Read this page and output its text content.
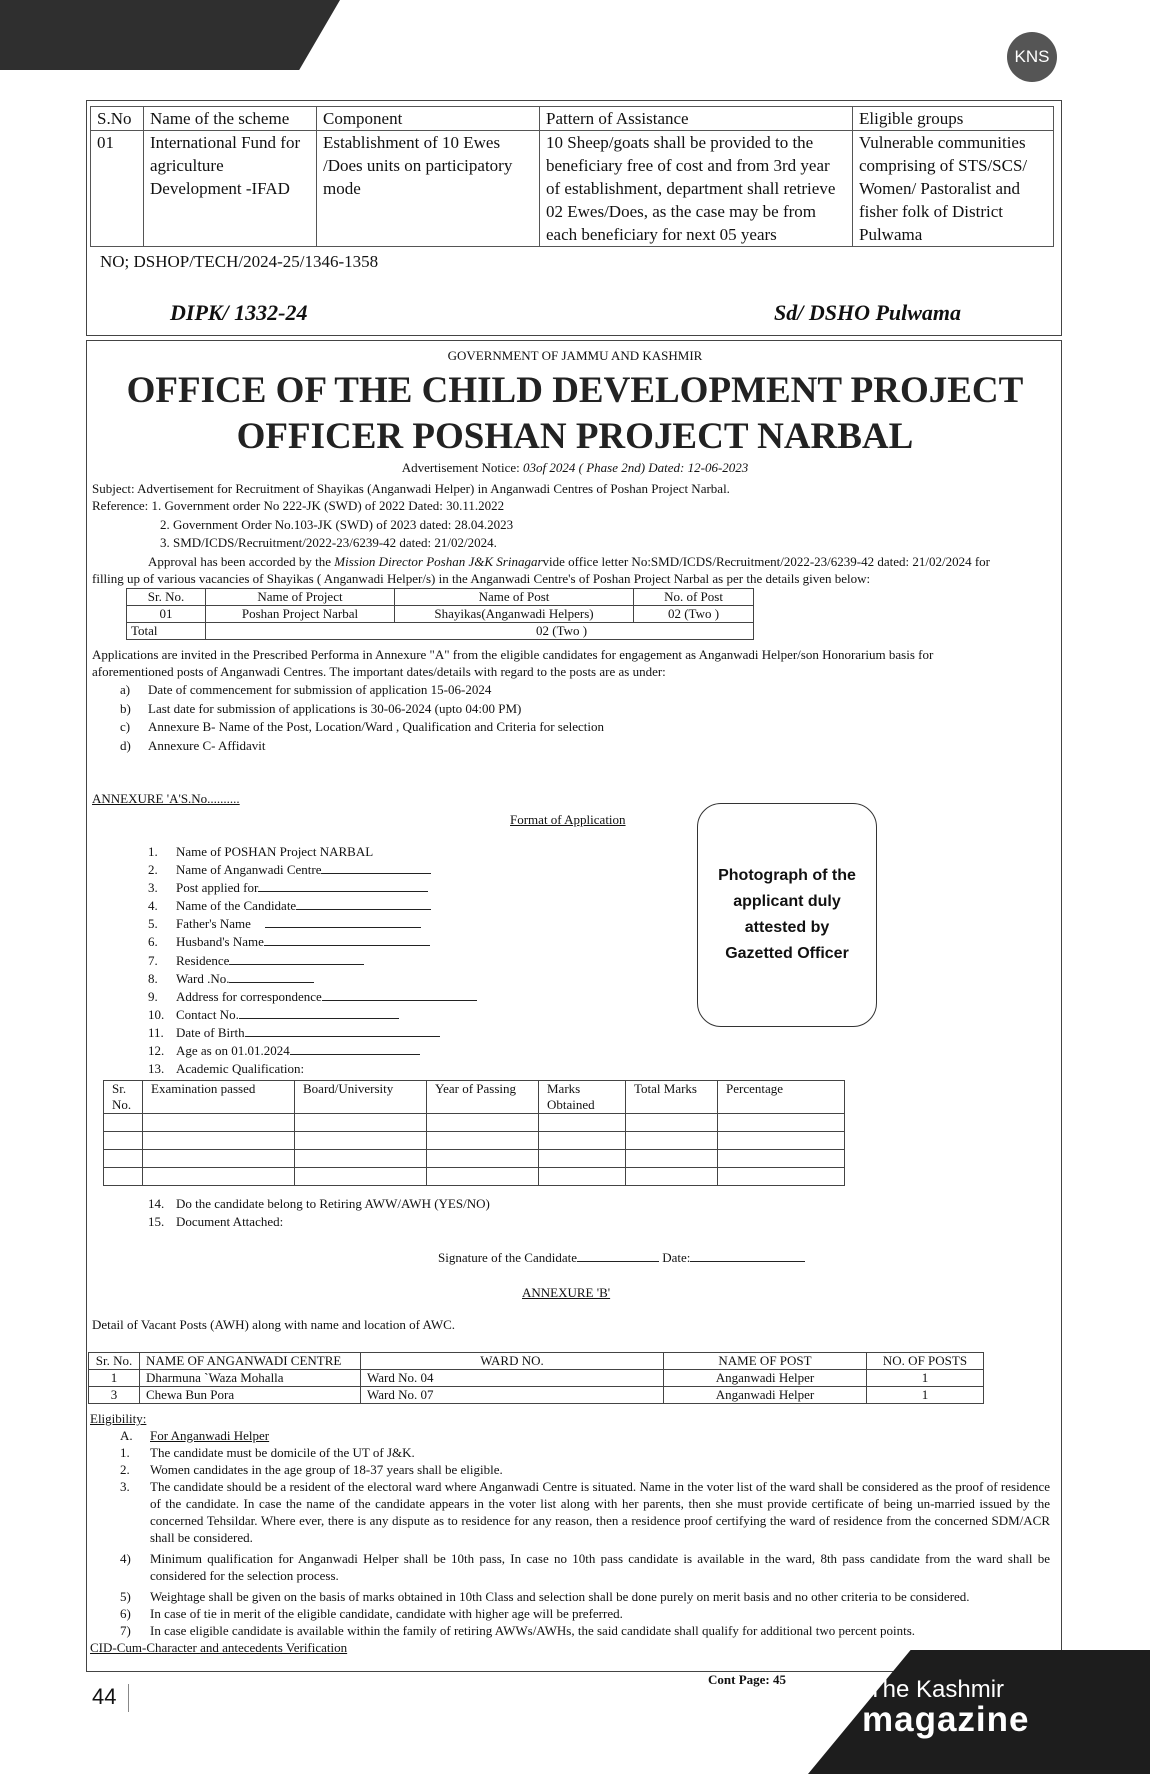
KNS
S.No	Name of the scheme	Component	Pattern of Assistance	Eligible groups
01	International Fund for agriculture Development -IFAD	Establishment of 10 Ewes /Does units on participatory mode	10 Sheep/goats shall be provided to the beneficiary free of cost and from 3rd year of establishment, department shall retrieve 02 Ewes/Does, as the case may be from each beneficiary for next 05 years	Vulnerable communities comprising of STS/SCS/ Women/ Pastoralist and fisher folk of District Pulwama
NO; DSHOP/TECH/2024-25/1346-1358
DIPK/ 1332-24	Sd/ DSHO Pulwama
GOVERNMENT OF JAMMU AND KASHMIR
OFFICE OF THE CHILD DEVELOPMENT PROJECT
OFFICER POSHAN PROJECT NARBAL
Advertisement Notice: 03of 2024 ( Phase 2nd) Dated: 12-06-2023
Subject: Advertisement for Recruitment of Shayikas (Anganwadi Helper) in Anganwadi Centres of Poshan Project Narbal.
Reference: 1. Government order No 222-JK (SWD) of 2022 Dated: 30.11.2022
2. Government Order No.103-JK (SWD) of 2023 dated: 28.04.2023
3. SMD/ICDS/Recruitment/2022-23/6239-42 dated: 21/02/2024.
Approval has been accorded by the Mission Director Poshan J&K Srinagarvide office letter No:SMD/ICDS/Recruitment/2022-23/6239-42 dated: 21/02/2024 for
filling up of various vacancies of Shayikas ( Anganwadi Helper/s) in the Anganwadi Centre's of Poshan Project Narbal as per the details given below:
Sr. No.	Name of Project	Name of Post	No. of Post
01	Poshan Project Narbal	Shayikas(Anganwadi Helpers)	02 (Two )
Total	02 (Two )		
Applications are invited in the Prescribed Performa in Annexure "A" from the eligible candidates for engagement as Anganwadi Helper/son Honorarium basis for
aforementioned posts of Anganwadi Centres. The important dates/details with regard to the posts are as under:
a)	Date of commencement for submission of application 15-06-2024
b)	Last date for submission of applications is 30-06-2024 (upto 04:00 PM)
c)	Annexure B- Name of the Post, Location/Ward , Qualification and Criteria for selection
d)	Annexure C- Affidavit
ANNEXURE 'A'S.No..........
Format of Application
Photograph of the applicant duly attested by Gazetted Officer
1.	Name of POSHAN Project NARBAL
2.	Name of Anganwadi Centre
3.	Post applied for
4.	Name of the Candidate
5.	Father's Name
6.	Husband's Name
7.	Residence
8.	Ward .No.
9.	Address for correspondence
10. Contact No.
11. Date of Birth
12. Age as on 01.01.2024
13. Academic Qualification:
Sr. No.	Examination passed	Board/University	Year of Passing	Marks Obtained	Total Marks	Percentage

14. Do the candidate belong to Retiring AWW/AWH (YES/NO)
15. Document Attached:
Signature of the Candidate	Date:
ANNEXURE 'B'
Detail of Vacant Posts (AWH) along with name and location of AWC.
Sr. No.	NAME OF ANGANWADI CENTRE	WARD NO.	NAME OF POST	NO. OF POSTS
1	Dharmuna `Waza Mohalla	Ward No. 04	Anganwadi Helper	1
3	Chewa Bun Pora	Ward No. 07	Anganwadi Helper	1
Eligibility:
A.	For Anganwadi Helper
1.	The candidate must be domicile of the UT of J&K.
2.	Women candidates in the age group of 18-37 years shall be eligible.
3.	The candidate should be a resident of the electoral ward where Anganwadi Centre is situated. Name in the voter list of the ward shall be considered as the proof of residence of the candidate. In case the name of the candidate appears in the voter list along with her parents, then she must provide certificate of being un-married issued by the concerned Tehsildar. Where ever, there is any dispute as to residence for any reason, then a residence proof certifying the ward of residence from the concerned SDM/ACR shall be considered.
4)	Minimum qualification for Anganwadi Helper shall be 10th pass, In case no 10th pass candidate is available in the ward, 8th pass candidate from the ward shall be considered for the selection process.
5)	Weightage shall be given on the basis of marks obtained in 10th Class and selection shall be done purely on merit basis and no other criteria to be considered.
6)	In case of tie in merit of the eligible candidate, candidate with higher age will be preferred.
7)	In case eligible candidate is available within the family of retiring AWWs/AWHs, the said candidate shall qualify for additional two percent points.
CID-Cum-Character and antecedents Verification
44
Cont Page: 45	The Kashmir
magazine
